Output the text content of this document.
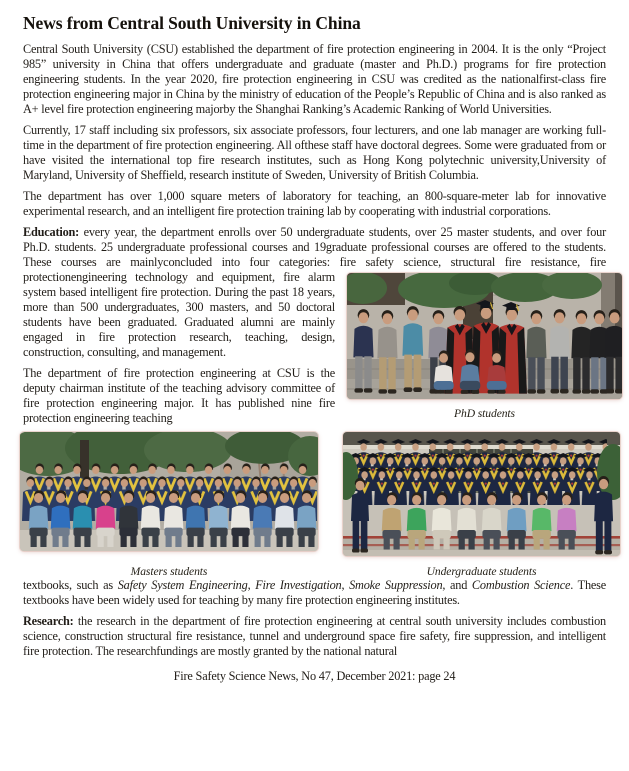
News from Central South University in China

Central South University (CSU) established the department of fire protection engineering in 2004. It is the only “Project 985” university in China that offers undergraduate and graduate (master and Ph.D.) programs for fire protection engineering students. In the year 2020, fire protection engineering in CSU was credited as the nationalfirst-class fire protection engineering major in China by the ministry of education of the People’s Republic of China and is also ranked as A+ level fire protection engineering majorby the Shanghai Ranking’s Academic Ranking of World Universities.

Currently, 17 staff including six professors, six associate professors, four lecturers, and one lab manager are working full-time in the department of fire protection engineering. All ofthese staff have doctoral degrees. Some were graduated from or have visited the international top fire research institutes, such as Hong Kong polytechnic university,University of Maryland, University of Sheffield, research institute of Sweden, University of British Columbia.

The department has over 1,000 square meters of laboratory for teaching, an 800-square-meter lab for innovative experimental research, and an intelligent fire protection training lab by cooperating with industrial corporations.

Education: every year, the department enrolls over 50 undergraduate students, over 25 master students, and over four Ph.D. students. 25 undergraduate professional courses and 19graduate professional courses are offered to the students. These courses are mainlyconcluded into four categories: fire safety science, structural
PhD students
fire resistance, fire protectionengineering technology and equipment, fire alarm system based intelligent fire protection. During the past 18 years, more than 500 undergraduates, 300 masters, and 50 doctoral students have been graduated. Graduated alumni are mainly engaged in fire protection research, teaching, design, construction, consulting, and management.

The department of fire protection engineering at CSU is the deputy chairman institute of the teaching advisory committee of fire protection engineering major. It has published nine fire protection engineering teaching

Masters students	Undergraduate students

textbooks, such as Safety System Engineering, Fire Investigation, Smoke Suppression, and Combustion Science. These textbooks have been widely used for teaching by many fire protection engineering institutes.

Research: the research in the department of fire protection engineering at central south university includes combustion science, construction structural fire resistance, tunnel and underground space fire safety, fire suppression, and intelligent fire protection. The researchfundings are mostly granted by the national natural

Fire Safety Science News, No 47, December 2021: page 24
